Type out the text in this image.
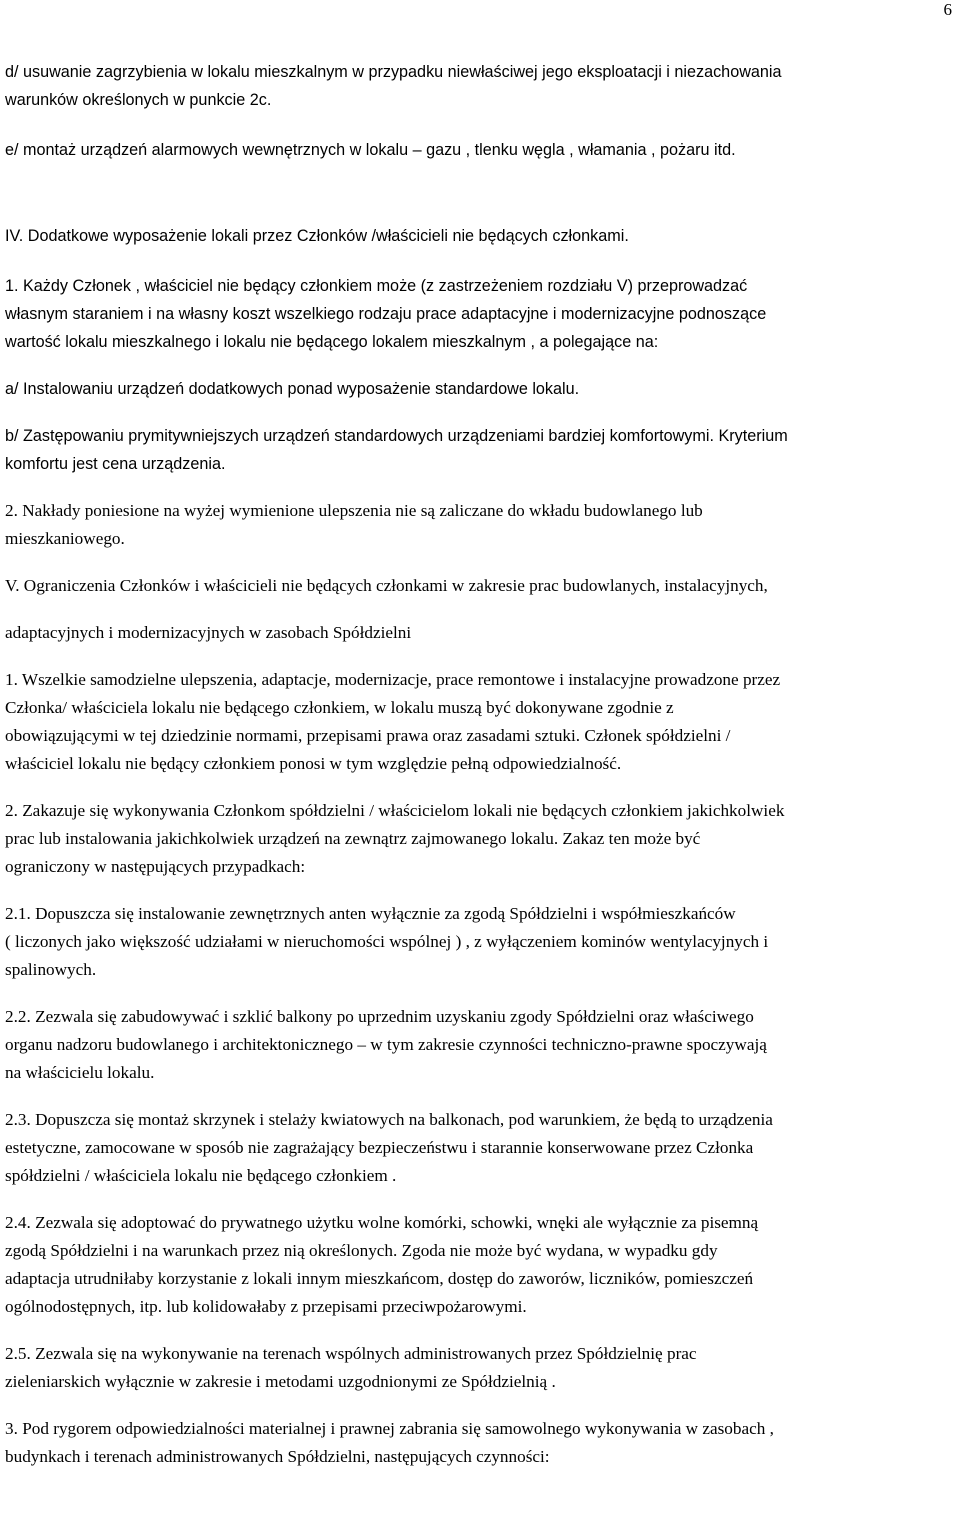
6
d/ usuwanie zagrzybienia w lokalu mieszkalnym w przypadku niewłaściwej jego eksploatacji i niezachowania
warunków określonych w punkcie 2c.
e/ montaż urządzeń alarmowych wewnętrznych w lokalu – gazu , tlenku węgla , włamania , pożaru itd.
IV. Dodatkowe wyposażenie lokali przez Członków /właścicieli nie będących członkami.
1. Każdy Członek , właściciel nie będący członkiem może (z zastrzeżeniem rozdziału V) przeprowadzać
własnym staraniem i na własny koszt wszelkiego rodzaju prace adaptacyjne i modernizacyjne podnoszące
wartość lokalu mieszkalnego i lokalu nie będącego lokalem mieszkalnym , a polegające na:
a/ Instalowaniu urządzeń dodatkowych ponad wyposażenie standardowe lokalu.
b/ Zastępowaniu prymitywniejszych urządzeń standardowych urządzeniami bardziej komfortowymi. Kryterium
komfortu jest cena urządzenia.
2. Nakłady poniesione na wyżej wymienione ulepszenia nie są zaliczane do wkładu budowlanego lub
mieszkaniowego.
V. Ograniczenia Członków i właścicieli nie będących członkami w zakresie prac budowlanych, instalacyjnych,
adaptacyjnych i modernizacyjnych w zasobach Spółdzielni
1. Wszelkie samodzielne ulepszenia, adaptacje, modernizacje, prace remontowe i instalacyjne prowadzone przez
Członka/ właściciela lokalu nie będącego członkiem, w lokalu muszą być dokonywane zgodnie z
obowiązującymi w tej dziedzinie normami, przepisami prawa oraz zasadami sztuki. Członek spółdzielni /
właściciel lokalu nie będący członkiem ponosi w tym względzie pełną odpowiedzialność.
2. Zakazuje się wykonywania Członkom spółdzielni / właścicielom lokali nie będących członkiem jakichkolwiek
prac lub instalowania jakichkolwiek urządzeń na zewnątrz zajmowanego lokalu. Zakaz ten może być
ograniczony w następujących przypadkach:
2.1. Dopuszcza się instalowanie zewnętrznych anten wyłącznie za zgodą Spółdzielni i współmieszkańców
( liczonych jako większość udziałami w nieruchomości wspólnej ) , z wyłączeniem kominów wentylacyjnych i
spalinowych.
2.2. Zezwala się zabudowywać i szklić balkony po uprzednim uzyskaniu zgody Spółdzielni oraz właściwego
organu nadzoru budowlanego i architektonicznego – w tym zakresie czynności techniczno-prawne spoczywają
na właścicielu lokalu.
2.3. Dopuszcza się montaż skrzynek i stelaży kwiatowych na balkonach, pod warunkiem, że będą to urządzenia
estetyczne, zamocowane w sposób nie zagrażający bezpieczeństwu i starannie konserwowane przez Członka
spółdzielni / właściciela lokalu nie będącego członkiem .
2.4. Zezwala się adoptować do prywatnego użytku wolne komórki, schowki, wnęki ale wyłącznie za pisemną
zgodą Spółdzielni i na warunkach przez nią określonych. Zgoda nie może być wydana, w wypadku gdy
adaptacja utrudniłaby korzystanie z lokali innym mieszkańcom, dostęp do zaworów, liczników, pomieszczeń
ogólnodostępnych, itp. lub kolidowałaby z przepisami przeciwpożarowymi.
2.5. Zezwala się na wykonywanie na terenach wspólnych administrowanych przez Spółdzielnię prac
zieleniarskich wyłącznie w zakresie i metodami uzgodnionymi ze Spółdzielnią .
3. Pod rygorem odpowiedzialności materialnej i prawnej zabrania się samowolnego wykonywania w zasobach ,
budynkach i terenach administrowanych Spółdzielni, następujących czynności:
